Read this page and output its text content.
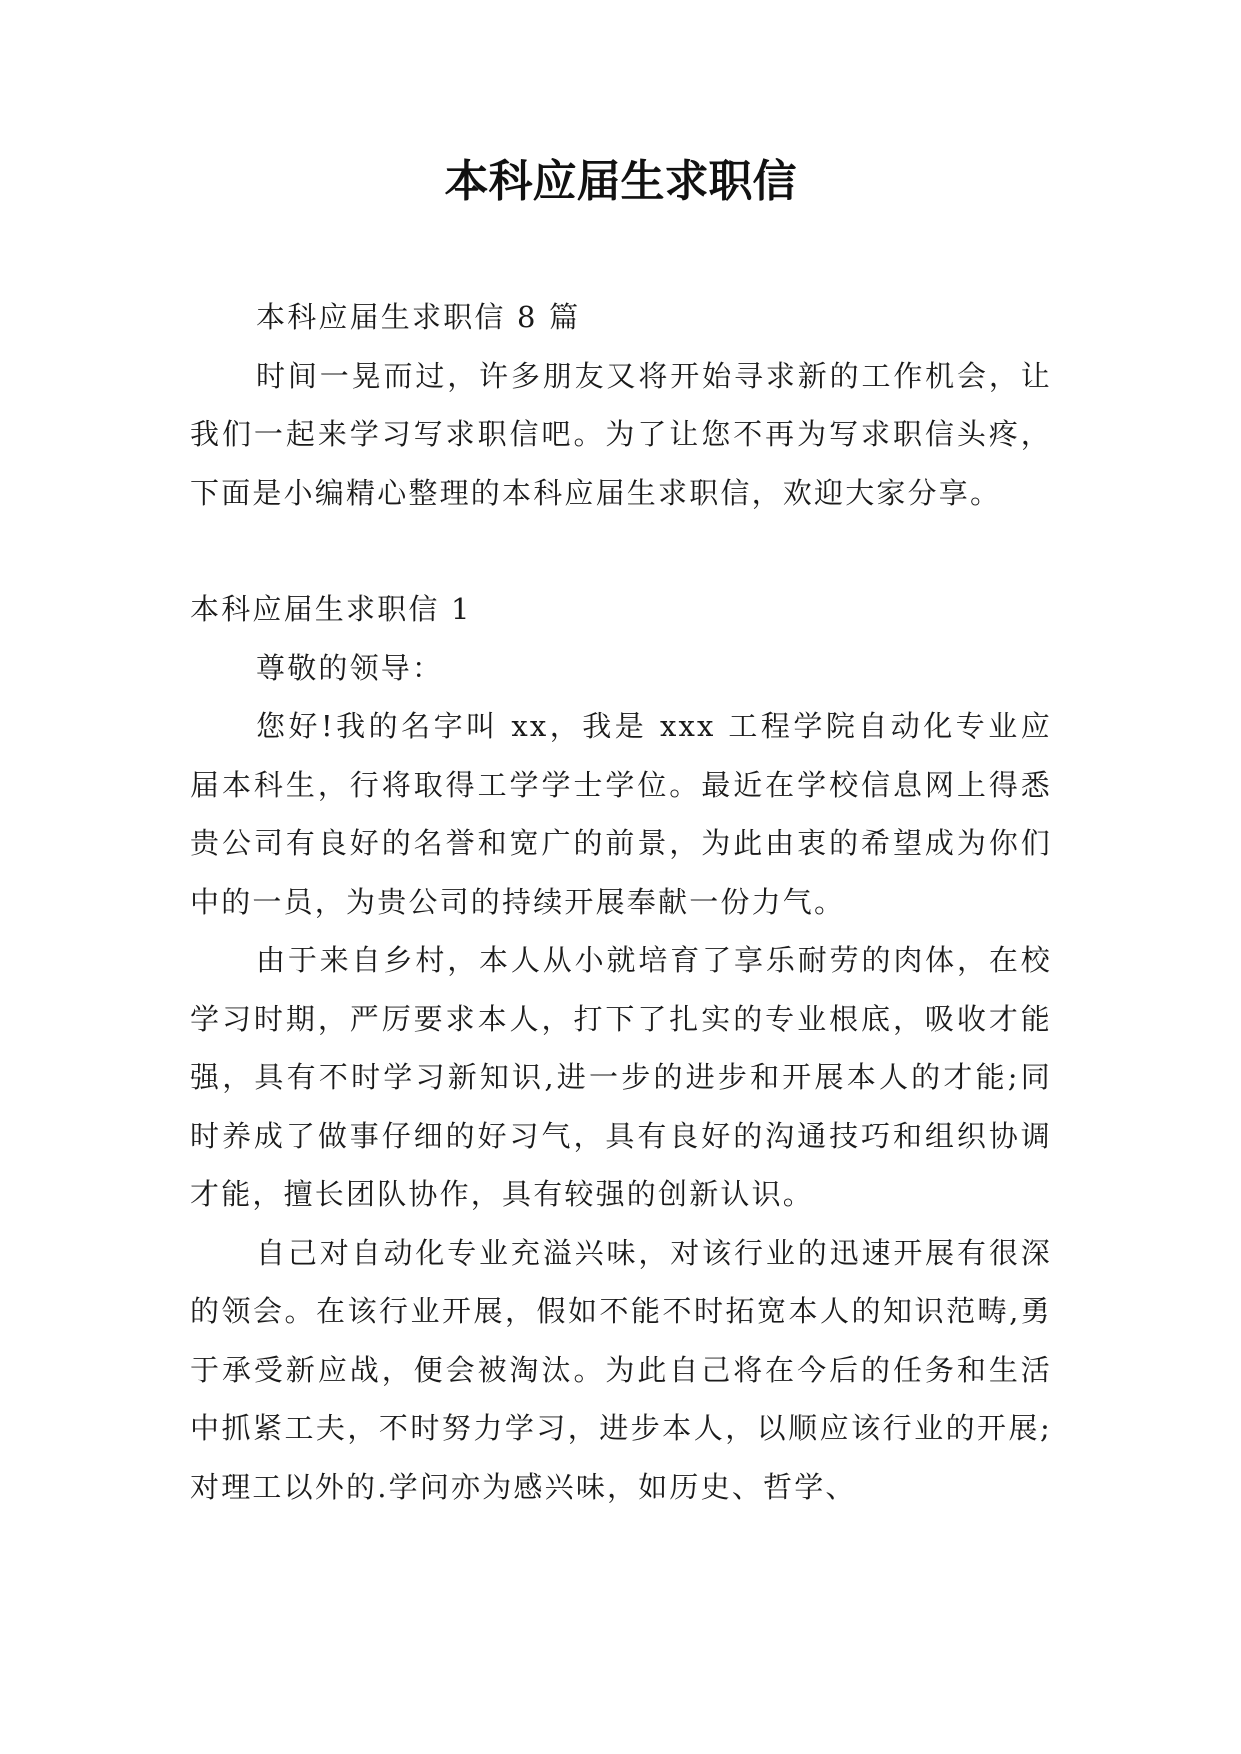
本科应届生求职信

本科应届生求职信 8 篇

时间一晃而过，许多朋友又将开始寻求新的工作机会，让我们一起来学习写求职信吧。为了让您不再为写求职信头疼，下面是小编精心整理的本科应届生求职信，欢迎大家分享。

本科应届生求职信 1

尊敬的领导：

您好!我的名字叫 xx，我是 xxx 工程学院自动化专业应届本科生，行将取得工学学士学位。最近在学校信息网上得悉贵公司有良好的名誉和宽广的前景，为此由衷的希望成为你们中的一员，为贵公司的持续开展奉献一份力气。

由于来自乡村，本人从小就培育了享乐耐劳的肉体，在校学习时期，严厉要求本人，打下了扎实的专业根底，吸收才能强，具有不时学习新知识,进一步的进步和开展本人的才能;同时养成了做事仔细的好习气，具有良好的沟通技巧和组织协调才能，擅长团队协作，具有较强的创新认识。

自己对自动化专业充溢兴味，对该行业的迅速开展有很深的领会。在该行业开展，假如不能不时拓宽本人的知识范畴,勇于承受新应战，便会被淘汰。为此自己将在今后的任务和生活中抓紧工夫，不时努力学习，进步本人，以顺应该行业的开展;对理工以外的.学问亦为感兴味，如历史、哲学、
